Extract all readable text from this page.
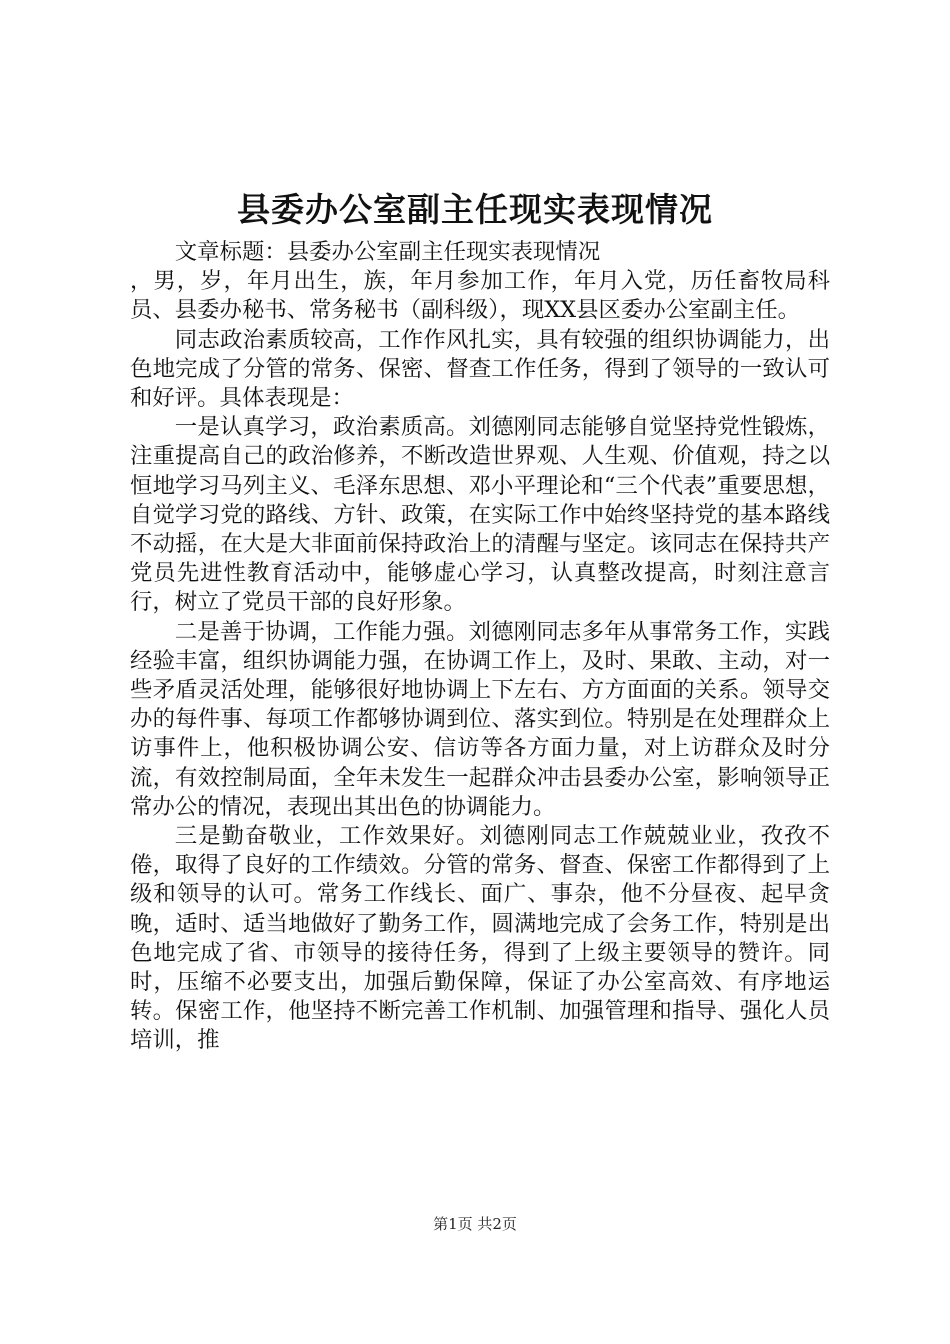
县委办公室副主任现实表现情况

文章标题：县委办公室副主任现实表现情况

，男，岁，年月出生，族，年月参加工作，年月入党，历任畜牧局科员、县委办秘书、常务秘书（副科级），现XX县区委办公室副主任。

同志政治素质较高，工作作风扎实，具有较强的组织协调能力，出色地完成了分管的常务、保密、督查工作任务，得到了领导的一致认可和好评。具体表现是：

一是认真学习，政治素质高。刘德刚同志能够自觉坚持党性锻炼，注重提高自己的政治修养，不断改造世界观、人生观、价值观，持之以恒地学习马列主义、毛泽东思想、邓小平理论和“三个代表”重要思想，自觉学习党的路线、方针、政策，在实际工作中始终坚持党的基本路线不动摇，在大是大非面前保持政治上的清醒与坚定。该同志在保持共产党员先进性教育活动中，能够虚心学习，认真整改提高，时刻注意言行，树立了党员干部的良好形象。

二是善于协调，工作能力强。刘德刚同志多年从事常务工作，实践经验丰富，组织协调能力强，在协调工作上，及时、果敢、主动，对一些矛盾灵活处理，能够很好地协调上下左右、方方面面的关系。领导交办的每件事、每项工作都够协调到位、落实到位。特别是在处理群众上访事件上，他积极协调公安、信访等各方面力量，对上访群众及时分流，有效控制局面，全年未发生一起群众冲击县委办公室，影响领导正常办公的情况，表现出其出色的协调能力。

三是勤奋敬业，工作效果好。刘德刚同志工作兢兢业业，孜孜不倦，取得了良好的工作绩效。分管的常务、督查、保密工作都得到了上级和领导的认可。常务工作线长、面广、事杂，他不分昼夜、起早贪晚，适时、适当地做好了勤务工作，圆满地完成了会务工作，特别是出色地完成了省、市领导的接待任务，得到了上级主要领导的赞许。同时，压缩不必要支出，加强后勤保障，保证了办公室高效、有序地运转。保密工作，他坚持不断完善工作机制、加强管理和指导、强化人员培训，推

第1页 共2页
